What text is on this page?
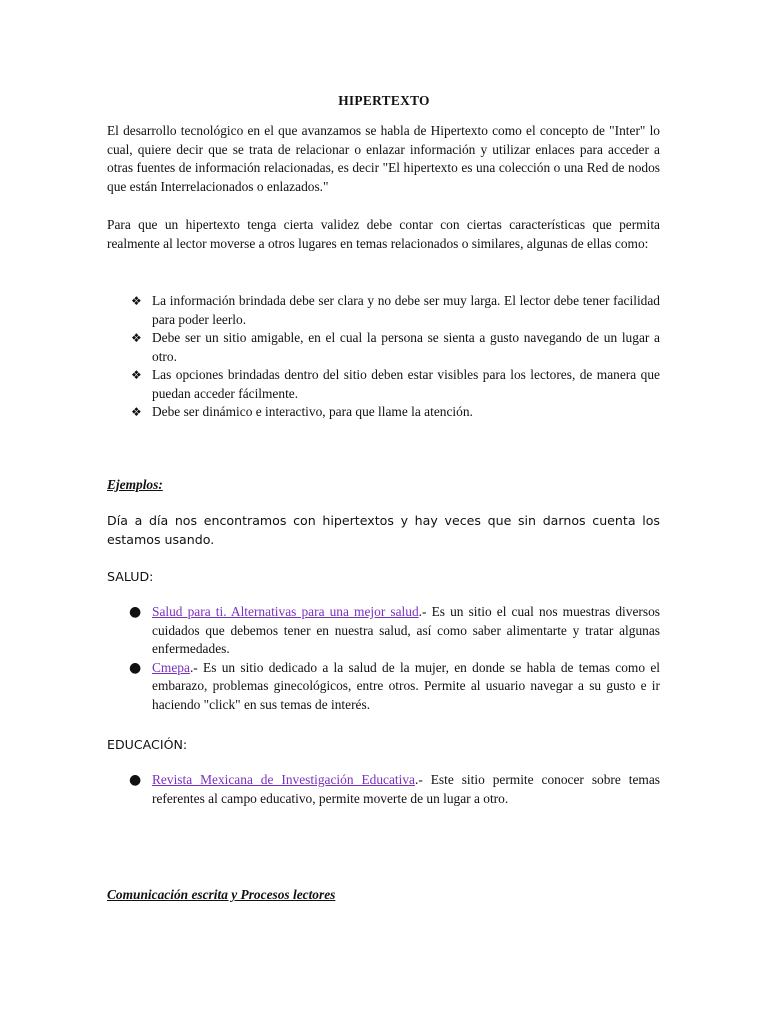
HIPERTEXTO

El desarrollo tecnológico en el que avanzamos se habla de Hipertexto como el concepto de "Inter" lo cual, quiere decir que se trata de relacionar o enlazar información y utilizar enlaces para acceder a otras fuentes de información relacionadas, es decir "El hipertexto es una colección o una Red de nodos que están Interrelacionados o enlazados."

Para que un hipertexto tenga cierta validez debe contar con ciertas características que permita realmente al lector moverse a otros lugares en temas relacionados o similares, algunas de ellas como:

❖ La información brindada debe ser clara y no debe ser muy larga. El lector debe tener facilidad para poder leerlo.
❖ Debe ser un sitio amigable, en el cual la persona se sienta a gusto navegando de un lugar a otro.
❖ Las opciones brindadas dentro del sitio deben estar visibles para los lectores, de manera que puedan acceder fácilmente.
❖ Debe ser dinámico e interactivo, para que llame la atención.

Ejemplos:

Día a día nos encontramos con hipertextos y hay veces que sin darnos cuenta los estamos usando.

SALUD:

● Salud para ti. Alternativas para una mejor salud.- Es un sitio el cual nos muestras diversos cuidados que debemos tener en nuestra salud, así como saber alimentarte y tratar algunas enfermedades.
● Cmepa.- Es un sitio dedicado a la salud de la mujer, en donde se habla de temas como el embarazo, problemas ginecológicos, entre otros. Permite al usuario navegar a su gusto e ir haciendo "click" en sus temas de interés.

EDUCACIÓN:

● Revista Mexicana de Investigación Educativa.- Este sitio permite conocer sobre temas referentes al campo educativo, permite moverte de un lugar a otro.

Comunicación escrita y Procesos lectores
